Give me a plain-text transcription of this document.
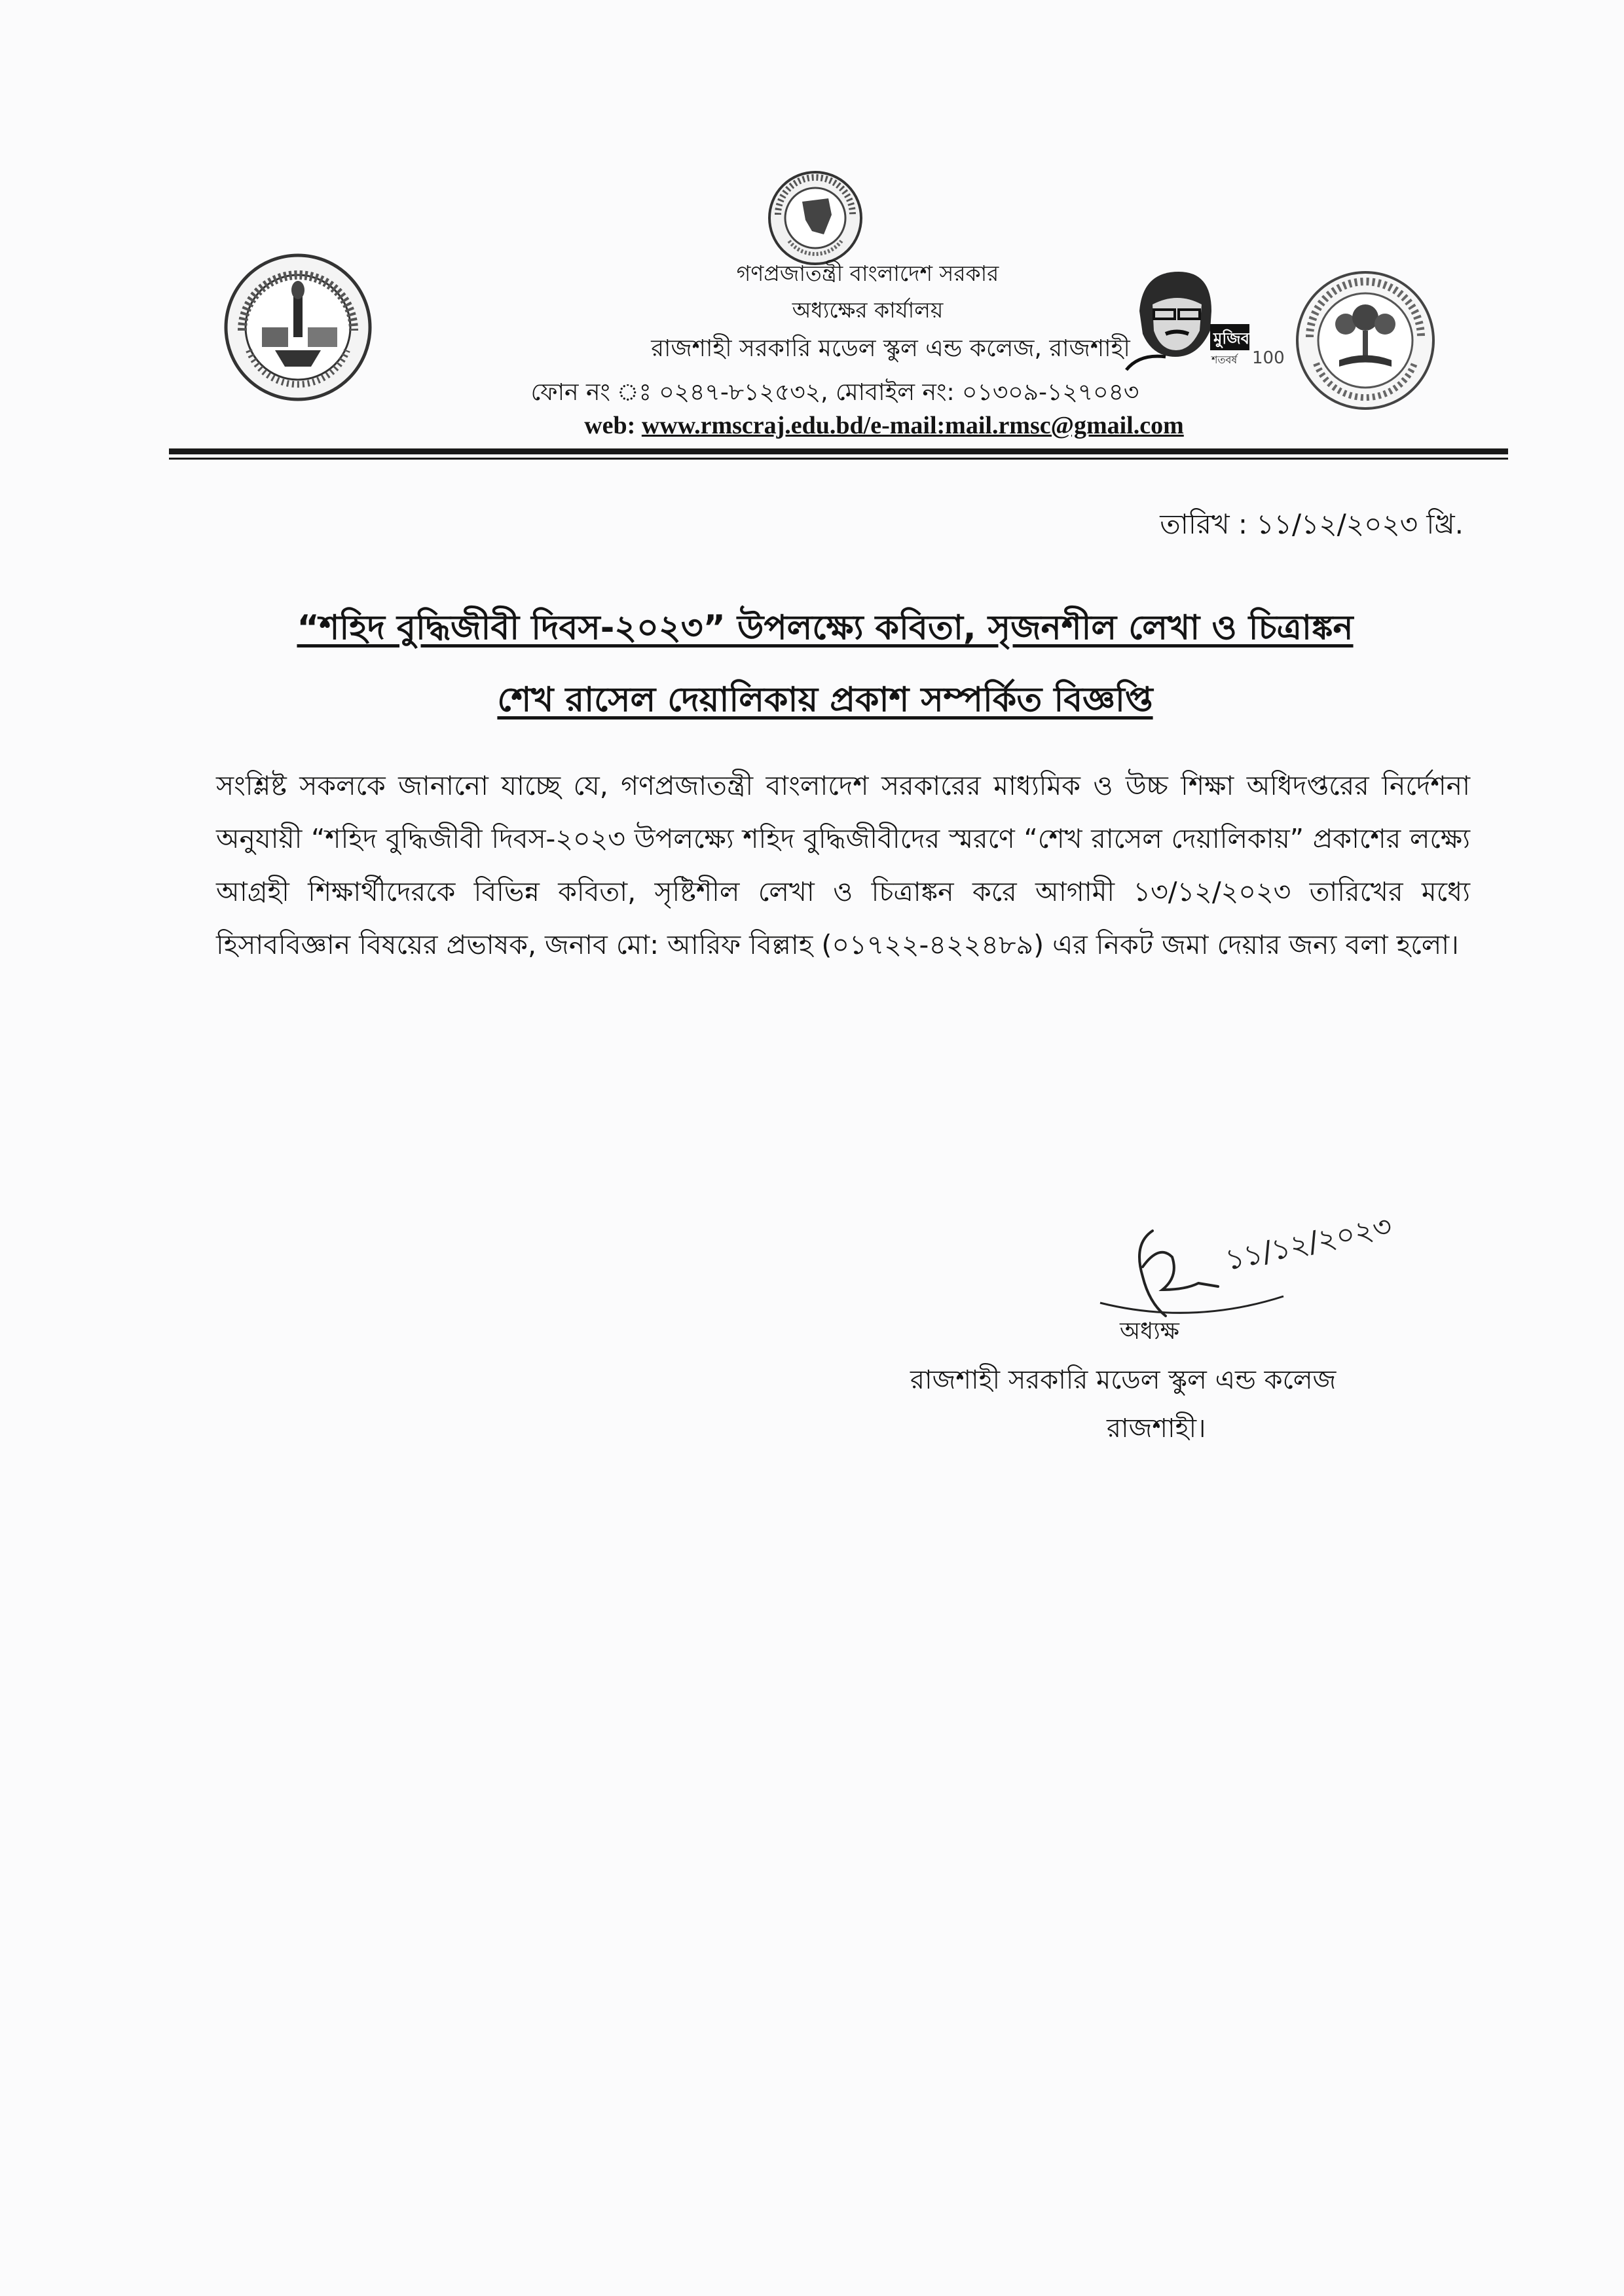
মুজিব
শতবর্ষ 100
গণপ্রজাতন্ত্রী বাংলাদেশ সরকার
অধ্যক্ষের কার্যালয়
রাজশাহী সরকারি মডেল স্কুল এন্ড কলেজ, রাজশাহী
ফোন নং ঃ ০২৪৭-৮১২৫৩২, মোবাইল নং: ০১৩০৯-১২৭০৪৩
web: www.rmscraj.edu.bd/e-mail:mail.rmsc@gmail.com
তারিখ : ১১/১২/২০২৩ খ্রি.
“শহিদ বুদ্ধিজীবী দিবস-২০২৩” উপলক্ষ্যে কবিতা, সৃজনশীল লেখা ও চিত্রাঙ্কন
শেখ রাসেল দেয়ালিকায় প্রকাশ সম্পর্কিত বিজ্ঞপ্তি
সংশ্লিষ্ট সকলকে জানানো যাচ্ছে যে, গণপ্রজাতন্ত্রী বাংলাদেশ সরকারের মাধ্যমিক ও উচ্চ শিক্ষা অধিদপ্তরের নির্দেশনা অনুযায়ী “শহিদ বুদ্ধিজীবী দিবস-২০২৩ উপলক্ষ্যে শহিদ বুদ্ধিজীবীদের স্মরণে “শেখ রাসেল দেয়ালিকায়” প্রকাশের লক্ষ্যে আগ্রহী শিক্ষার্থীদেরকে বিভিন্ন কবিতা, সৃষ্টিশীল লেখা ও চিত্রাঙ্কন করে আগামী ১৩/১২/২০২৩ তারিখের মধ্যে হিসাববিজ্ঞান বিষয়ের প্রভাষক, জনাব মো: আরিফ বিল্লাহ (০১৭২২-৪২২৪৮৯) এর নিকট জমা দেয়ার জন্য বলা হলো।
১১/১২/২০২৩
অধ্যক্ষ
রাজশাহী সরকারি মডেল স্কুল এন্ড কলেজ
রাজশাহী।
